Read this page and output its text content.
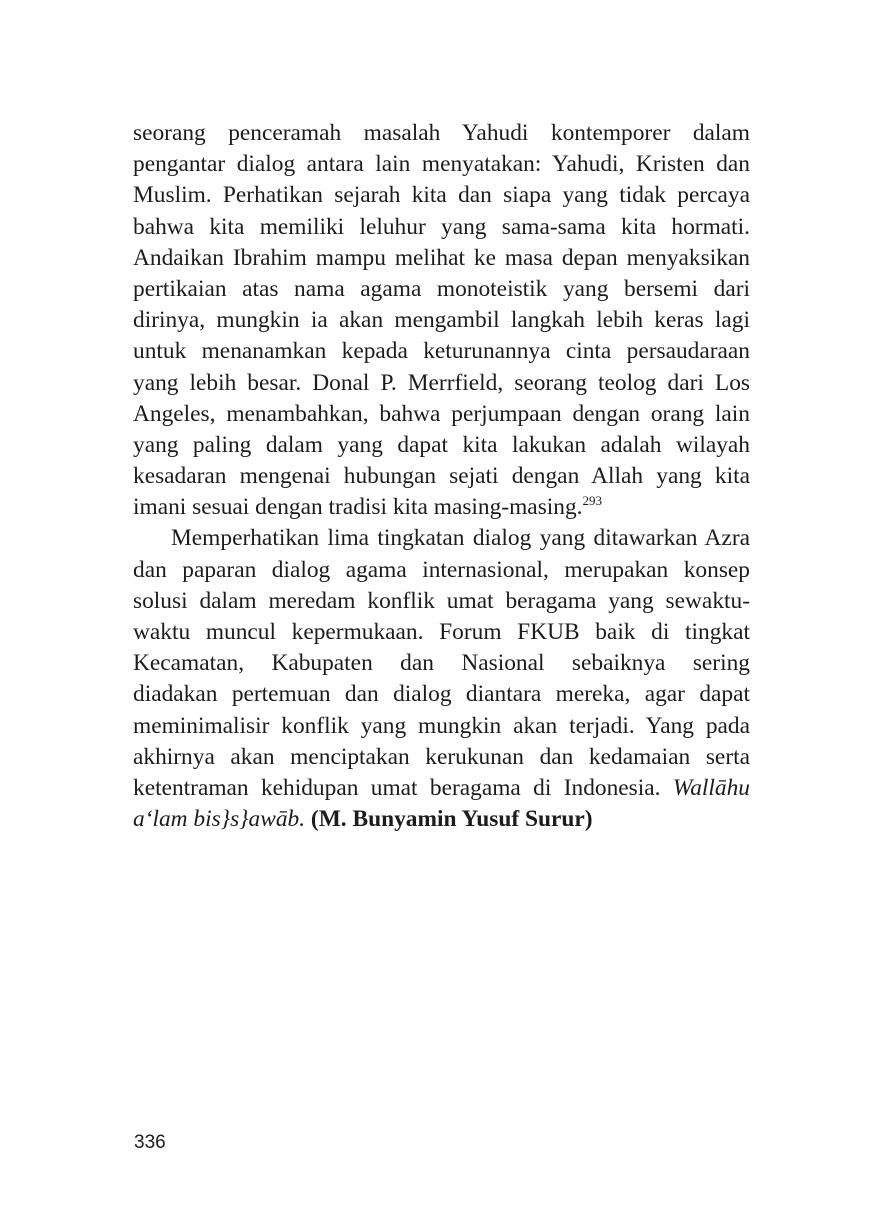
seorang penceramah masalah Yahudi kontemporer dalam
pengantar dialog antara lain menyatakan: Yahudi, Kristen dan
Muslim. Perhatikan sejarah kita dan siapa yang tidak percaya
bahwa kita memiliki leluhur yang sama-sama kita hormati.
Andaikan Ibrahim mampu melihat ke masa depan menyaksikan
pertikaian atas nama agama monoteistik yang bersemi dari
dirinya, mungkin ia akan mengambil langkah lebih keras lagi
untuk menanamkan kepada keturunannya cinta persaudaraan
yang lebih besar. Donal P. Merrfield, seorang teolog dari Los
Angeles, menambahkan, bahwa perjumpaan dengan orang lain
yang paling dalam yang dapat kita lakukan adalah wilayah
kesadaran mengenai hubungan sejati dengan Allah yang kita
imani sesuai dengan tradisi kita masing-masing.$^{293}$
Memperhatikan lima tingkatan dialog yang ditawarkan Azra
dan paparan dialog agama internasional, merupakan konsep
solusi dalam meredam konflik umat beragama yang sewaktu-
waktu muncul kepermukaan. Forum FKUB baik di tingkat
Kecamatan, Kabupaten dan Nasional sebaiknya sering
diadakan pertemuan dan dialog diantara mereka, agar dapat
meminimalisir konflik yang mungkin akan terjadi. Yang pada
akhirnya akan menciptakan kerukunan dan kedamaian serta
ketentraman kehidupan umat beragama di Indonesia. Wallāhu
a‘lam bis}s}awāb. (M. Bunyamin Yusuf Surur)
336
